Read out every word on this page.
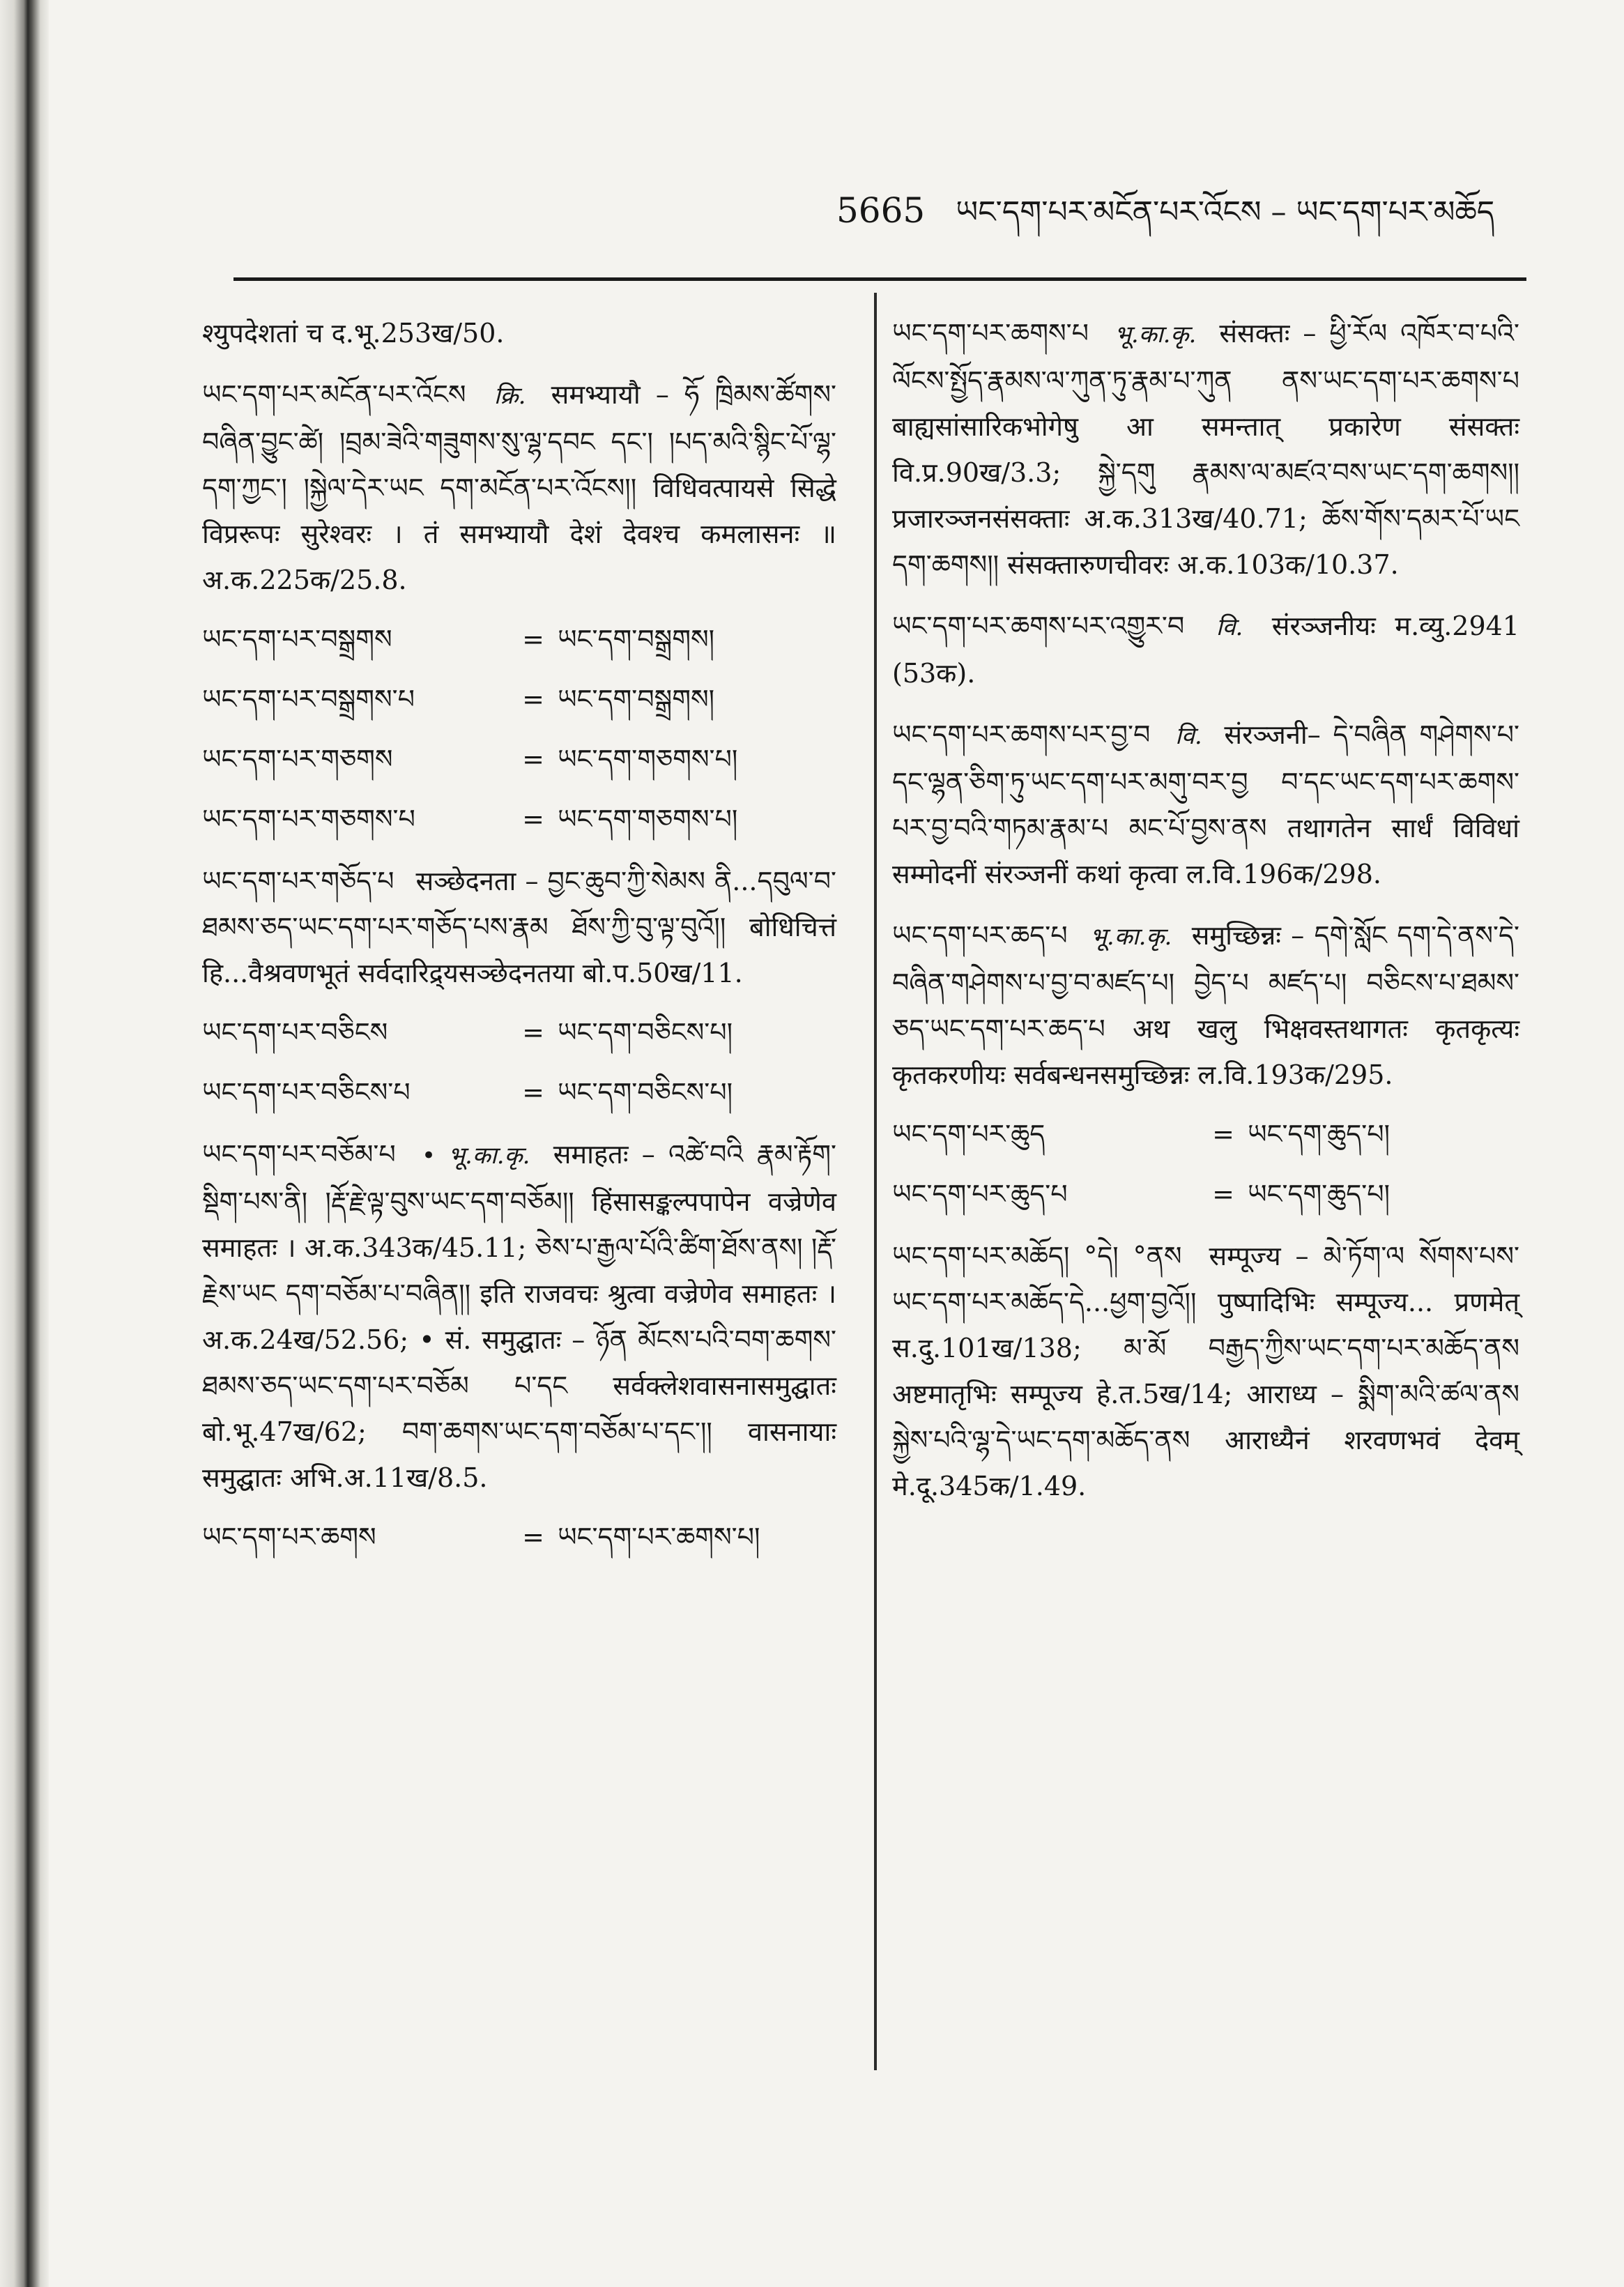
5665 ཡང་དག་པར་མངོན་པར་འོངས – ཡང་དག་པར་མཆོད
श्युपदेशतां च द.भू.253ख/50.
ཡང་དག་པར་མངོན་པར་འོངས क्रि. समभ्यायौ – ཧོ ཁྲིམས་ཚོགས་བཞིན་བྱུང་ཚེ། །བྲམ་ཟེའི་གཟུགས་སུ་ལྷ་དབང དང་། །པད་མའི་སྙིང་པོ་ལྷ་དག་ཀྱང་། །སྐྱེལ་དེར་ཡང དག་མངོན་པར་འོངས།། विधिवत्पायसे सिद्धे विप्ररूपः सुरेश्वरः । तं समभ्यायौ देशं देवश्च कमलासनः ॥ अ.क.225क/25.8.
ཡང་དག་པར་བསྒྲགས	= ཡང་དག་བསྒྲགས།
ཡང་དག་པར་བསྒྲགས་པ	= ཡང་དག་བསྒྲགས།
ཡང་དག་པར་གཅགས	= ཡང་དག་གཅགས་པ།
ཡང་དག་པར་གཅགས་པ	= ཡང་དག་གཅགས་པ།
ཡང་དག་པར་གཅོད་པ सञ्छेदनता – བྱང་ཆུབ་ཀྱི་སེམས ནི...དབུལ་བ་ཐམས་ཅད་ཡང་དག་པར་གཅོད་པས་རྣམ ཐོས་ཀྱི་བུ་ལྟ་བུའོ།། बोधिचित्तं हि...वैश्रवणभूतं सर्वदारिद्र्यसञ्छेदनतया बो.प.50ख/11.
ཡང་དག་པར་བཅིངས	= ཡང་དག་བཅིངས་པ།
ཡང་དག་པར་བཅིངས་པ	= ཡང་དག་བཅིངས་པ།
ཡང་དག་པར་བཅོམ་པ • भू.का.कृ. समाहतः – འཚེ་བའི རྣམ་རྟོག་སྡིག་པས་ནི། །རྡོ་རྗེ་ལྟ་བུས་ཡང་དག་བཅོམ།། हिंसासङ्कल्पपापेन वज्रेणेव समाहतः । अ.क.343क/45.11; ཅེས་པ་རྒྱལ་པོའི་ཚིག་ཐོས་ནས། །རྡོ་རྗེས་ཡང དག་བཅོམ་པ་བཞིན།། इति राजवचः श्रुत्वा वज्रेणेव समाहतः । अ.क.24ख/52.56; • सं. समुद्घातः – ཉོན མོངས་པའི་བག་ཆགས་ཐམས་ཅད་ཡང་དག་པར་བཅོམ པ་དང सर्वक्लेशवासनासमुद्घातः बो.भू.47ख/62; བག་ཆགས་ཡང་དག་བཅོམ་པ་དང་།། वासनायाः समुद्घातः अभि.अ.11ख/8.5.
ཡང་དག་པར་ཆགས	= ཡང་དག་པར་ཆགས་པ།
ཡང་དག་པར་ཆགས་པ भू.का.कृ. संसक्तः – ཕྱི་རོལ འཁོར་བ་པའི་ལོངས་སྤྱོད་རྣམས་ལ་ཀུན་ཏུ་རྣམ་པ་ཀུན ནས་ཡང་དག་པར་ཆགས་པ बाह्यसांसारिकभोगेषु आ समन्तात् प्रकारेण संसक्तः वि.प्र.90ख/3.3; སྐྱེ་དགུ རྣམས་ལ་མཛའ་བས་ཡང་དག་ཆགས།། प्रजारञ्जनसंसक्ताः अ.क.313ख/40.71; ཆོས་གོས་དམར་པོ་ཡང དག་ཆགས།། संसक्तारुणचीवरः अ.क.103क/10.37.
ཡང་དག་པར་ཆགས་པར་འགྱུར་བ वि. संरञ्जनीयः म.व्यु.2941 (53क).
ཡང་དག་པར་ཆགས་པར་བྱ་བ वि. संरञ्जनी– དེ་བཞིན གཤེགས་པ་དང་ལྷན་ཅིག་ཏུ་ཡང་དག་པར་མགུ་བར་བྱ བ་དང་ཡང་དག་པར་ཆགས་པར་བྱ་བའི་གཏམ་རྣམ་པ མང་པོ་བྱས་ནས तथागतेन सार्धं विविधां सम्मोदनीं संरञ्जनीं कथां कृत्वा ल.वि.196क/298.
ཡང་དག་པར་ཆད་པ भू.का.कृ. समुच्छिन्नः – དགེ་སློང དག་དེ་ནས་དེ་བཞིན་གཤེགས་པ་བྱ་བ་མཛད་པ། བྱེད་པ མཛད་པ། བཅིངས་པ་ཐམས་ཅད་ཡང་དག་པར་ཆད་པ अथ खलु भिक्षवस्तथागतः कृतकृत्यः कृतकरणीयः सर्वबन्धनसमुच्छिन्नः ल.वि.193क/295.
ཡང་དག་པར་ཆུད	= ཡང་དག་ཆུད་པ།
ཡང་དག་པར་ཆུད་པ	= ཡང་དག་ཆུད་པ།
ཡང་དག་པར་མཆོད། °དེ། °ནས सम्पूज्य – མེ་ཏོག་ལ སོགས་པས་ཡང་དག་པར་མཆོད་དེ...ཕྱག་བྱའོ།། पुष्पादिभिः सम्पूज्य... प्रणमेत् स.दु.101ख/138; མ་མོ བརྒྱད་ཀྱིས་ཡང་དག་པར་མཆོད་ནས अष्टमातृभिः सम्पूज्य हे.त.5ख/14; आराध्य – སྨིག་མའི་ཚལ་ནས སྐྱེས་པའི་ལྷ་དེ་ཡང་དག་མཆོད་ནས आराध्यैनं शरवणभवं देवम् मे.दू.345क/1.49.
